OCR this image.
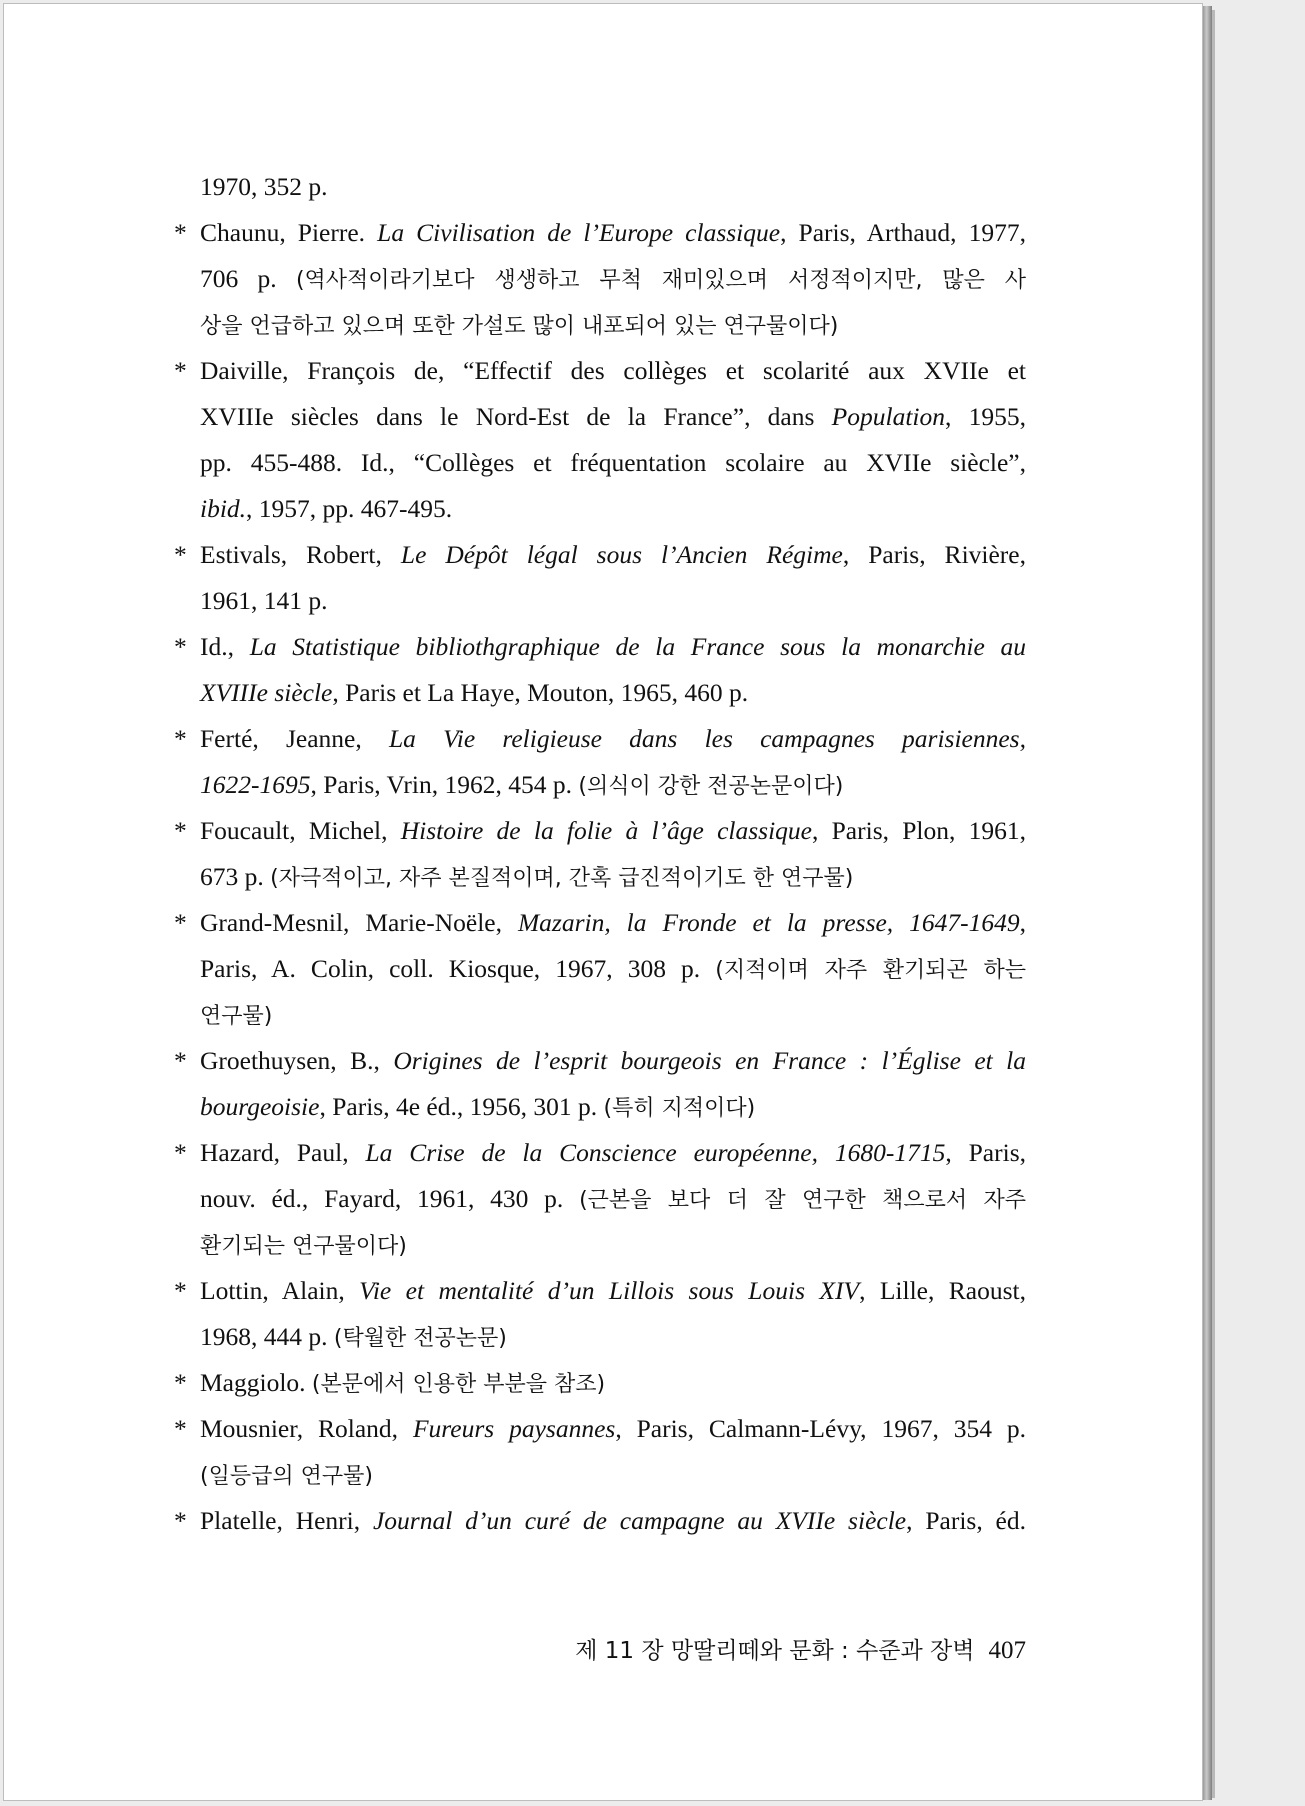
1970, 352 p.
* Chaunu, Pierre. La Civilisation de l’Europe classique, Paris, Arthaud, 1977,
706 p. (역사적이라기보다 생생하고 무척 재미있으며 서정적이지만, 많은 사
상을 언급하고 있으며 또한 가설도 많이 내포되어 있는 연구물이다)
* Daiville, François de, “Effectif des collèges et scolarité aux XVIIe et
XVIIIe siècles dans le Nord-Est de la France”, dans Population, 1955,
pp. 455-488. Id., “Collèges et fréquentation scolaire au XVIIe siècle”,
ibid., 1957, pp. 467-495.
* Estivals, Robert, Le Dépôt légal sous l’Ancien Régime, Paris, Rivière,
1961, 141 p.
* Id., La Statistique bibliothgraphique de la France sous la monarchie au
XVIIIe siècle, Paris et La Haye, Mouton, 1965, 460 p.
* Ferté, Jeanne, La Vie religieuse dans les campagnes parisiennes,
1622-1695, Paris, Vrin, 1962, 454 p. (의식이 강한 전공논문이다)
* Foucault, Michel, Histoire de la folie à l’âge classique, Paris, Plon, 1961,
673 p. (자극적이고, 자주 본질적이며, 간혹 급진적이기도 한 연구물)
* Grand-Mesnil, Marie-Noële, Mazarin, la Fronde et la presse, 1647-1649,
Paris, A. Colin, coll. Kiosque, 1967, 308 p. (지적이며 자주 환기되곤 하는
연구물)
* Groethuysen, B., Origines de l’esprit bourgeois en France : l’Église et la
bourgeoisie, Paris, 4e éd., 1956, 301 p. (특히 지적이다)
* Hazard, Paul, La Crise de la Conscience européenne, 1680-1715, Paris,
nouv. éd., Fayard, 1961, 430 p. (근본을 보다 더 잘 연구한 책으로서 자주
환기되는 연구물이다)
* Lottin, Alain, Vie et mentalité d’un Lillois sous Louis XIV, Lille, Raoust,
1968, 444 p. (탁월한 전공논문)
* Maggiolo. (본문에서 인용한 부분을 참조)
* Mousnier, Roland, Fureurs paysannes, Paris, Calmann-Lévy, 1967, 354 p.
(일등급의 연구물)
* Platelle, Henri, Journal d’un curé de campagne au XVIIe siècle, Paris, éd.
제 11 장 망딸리떼와 문화 : 수준과 장벽 407
